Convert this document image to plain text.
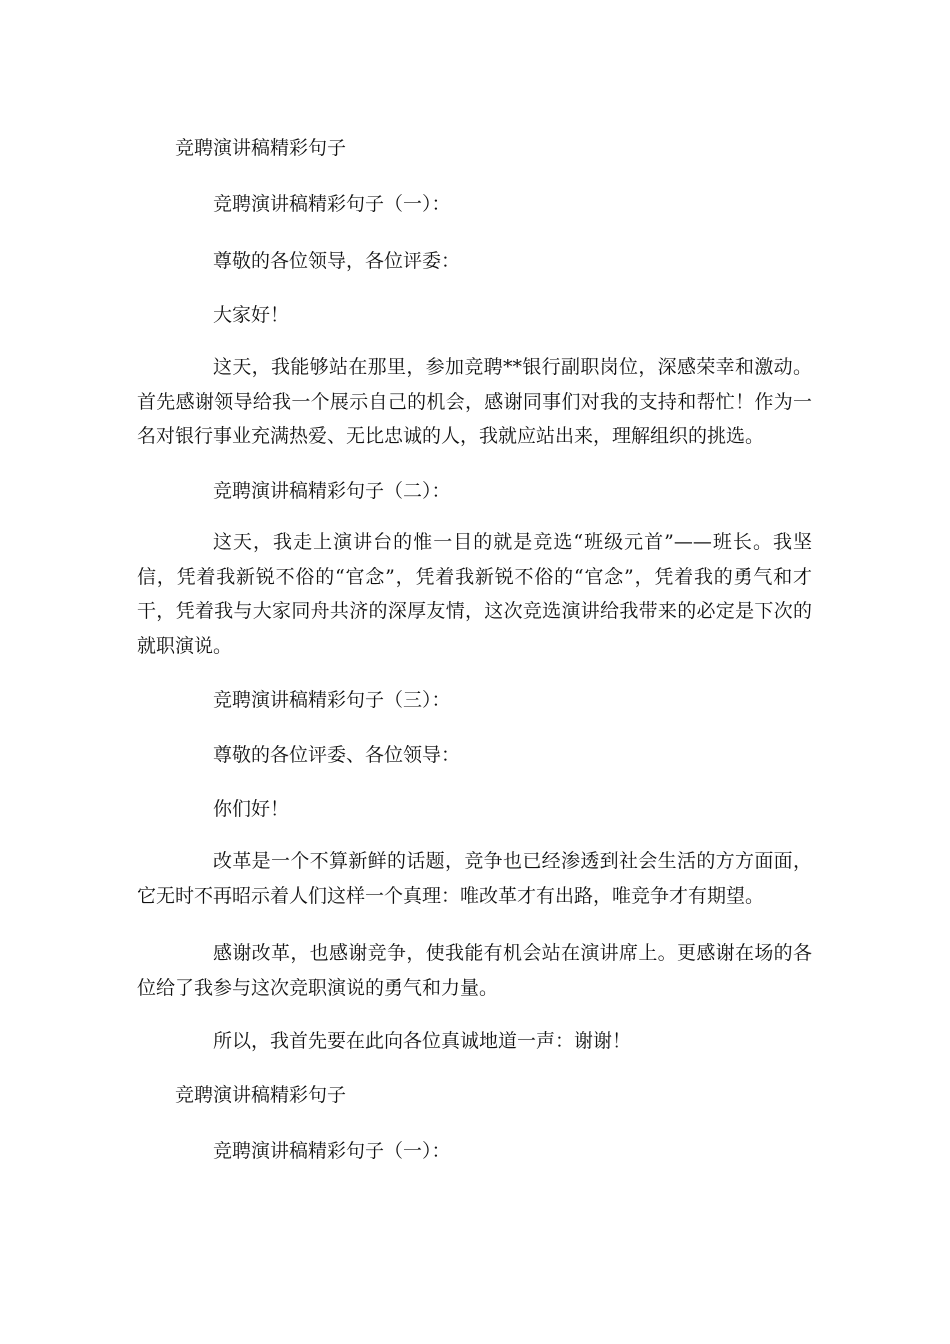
竞聘演讲稿精彩句子
竞聘演讲稿精彩句子（一）：
尊敬的各位领导，各位评委：
大家好！
这天，我能够站在那里，参加竞聘**银行副职岗位，深感荣幸和激动。首先感谢领导给我一个展示自己的机会，感谢同事们对我的支持和帮忙！作为一名对银行事业充满热爱、无比忠诚的人，我就应站出来，理解组织的挑选。
竞聘演讲稿精彩句子（二）：
这天，我走上演讲台的惟一目的就是竞选“班级元首”——班长。我坚信，凭着我新锐不俗的“官念”，凭着我新锐不俗的“官念”，凭着我的勇气和才干，凭着我与大家同舟共济的深厚友情，这次竞选演讲给我带来的必定是下次的就职演说。
竞聘演讲稿精彩句子（三）：
尊敬的各位评委、各位领导：
你们好！
改革是一个不算新鲜的话题，竞争也已经渗透到社会生活的方方面面，它无时不再昭示着人们这样一个真理：唯改革才有出路，唯竞争才有期望。
感谢改革，也感谢竞争，使我能有机会站在演讲席上。更感谢在场的各位给了我参与这次竞职演说的勇气和力量。
所以，我首先要在此向各位真诚地道一声：谢谢！
竞聘演讲稿精彩句子
竞聘演讲稿精彩句子（一）：
